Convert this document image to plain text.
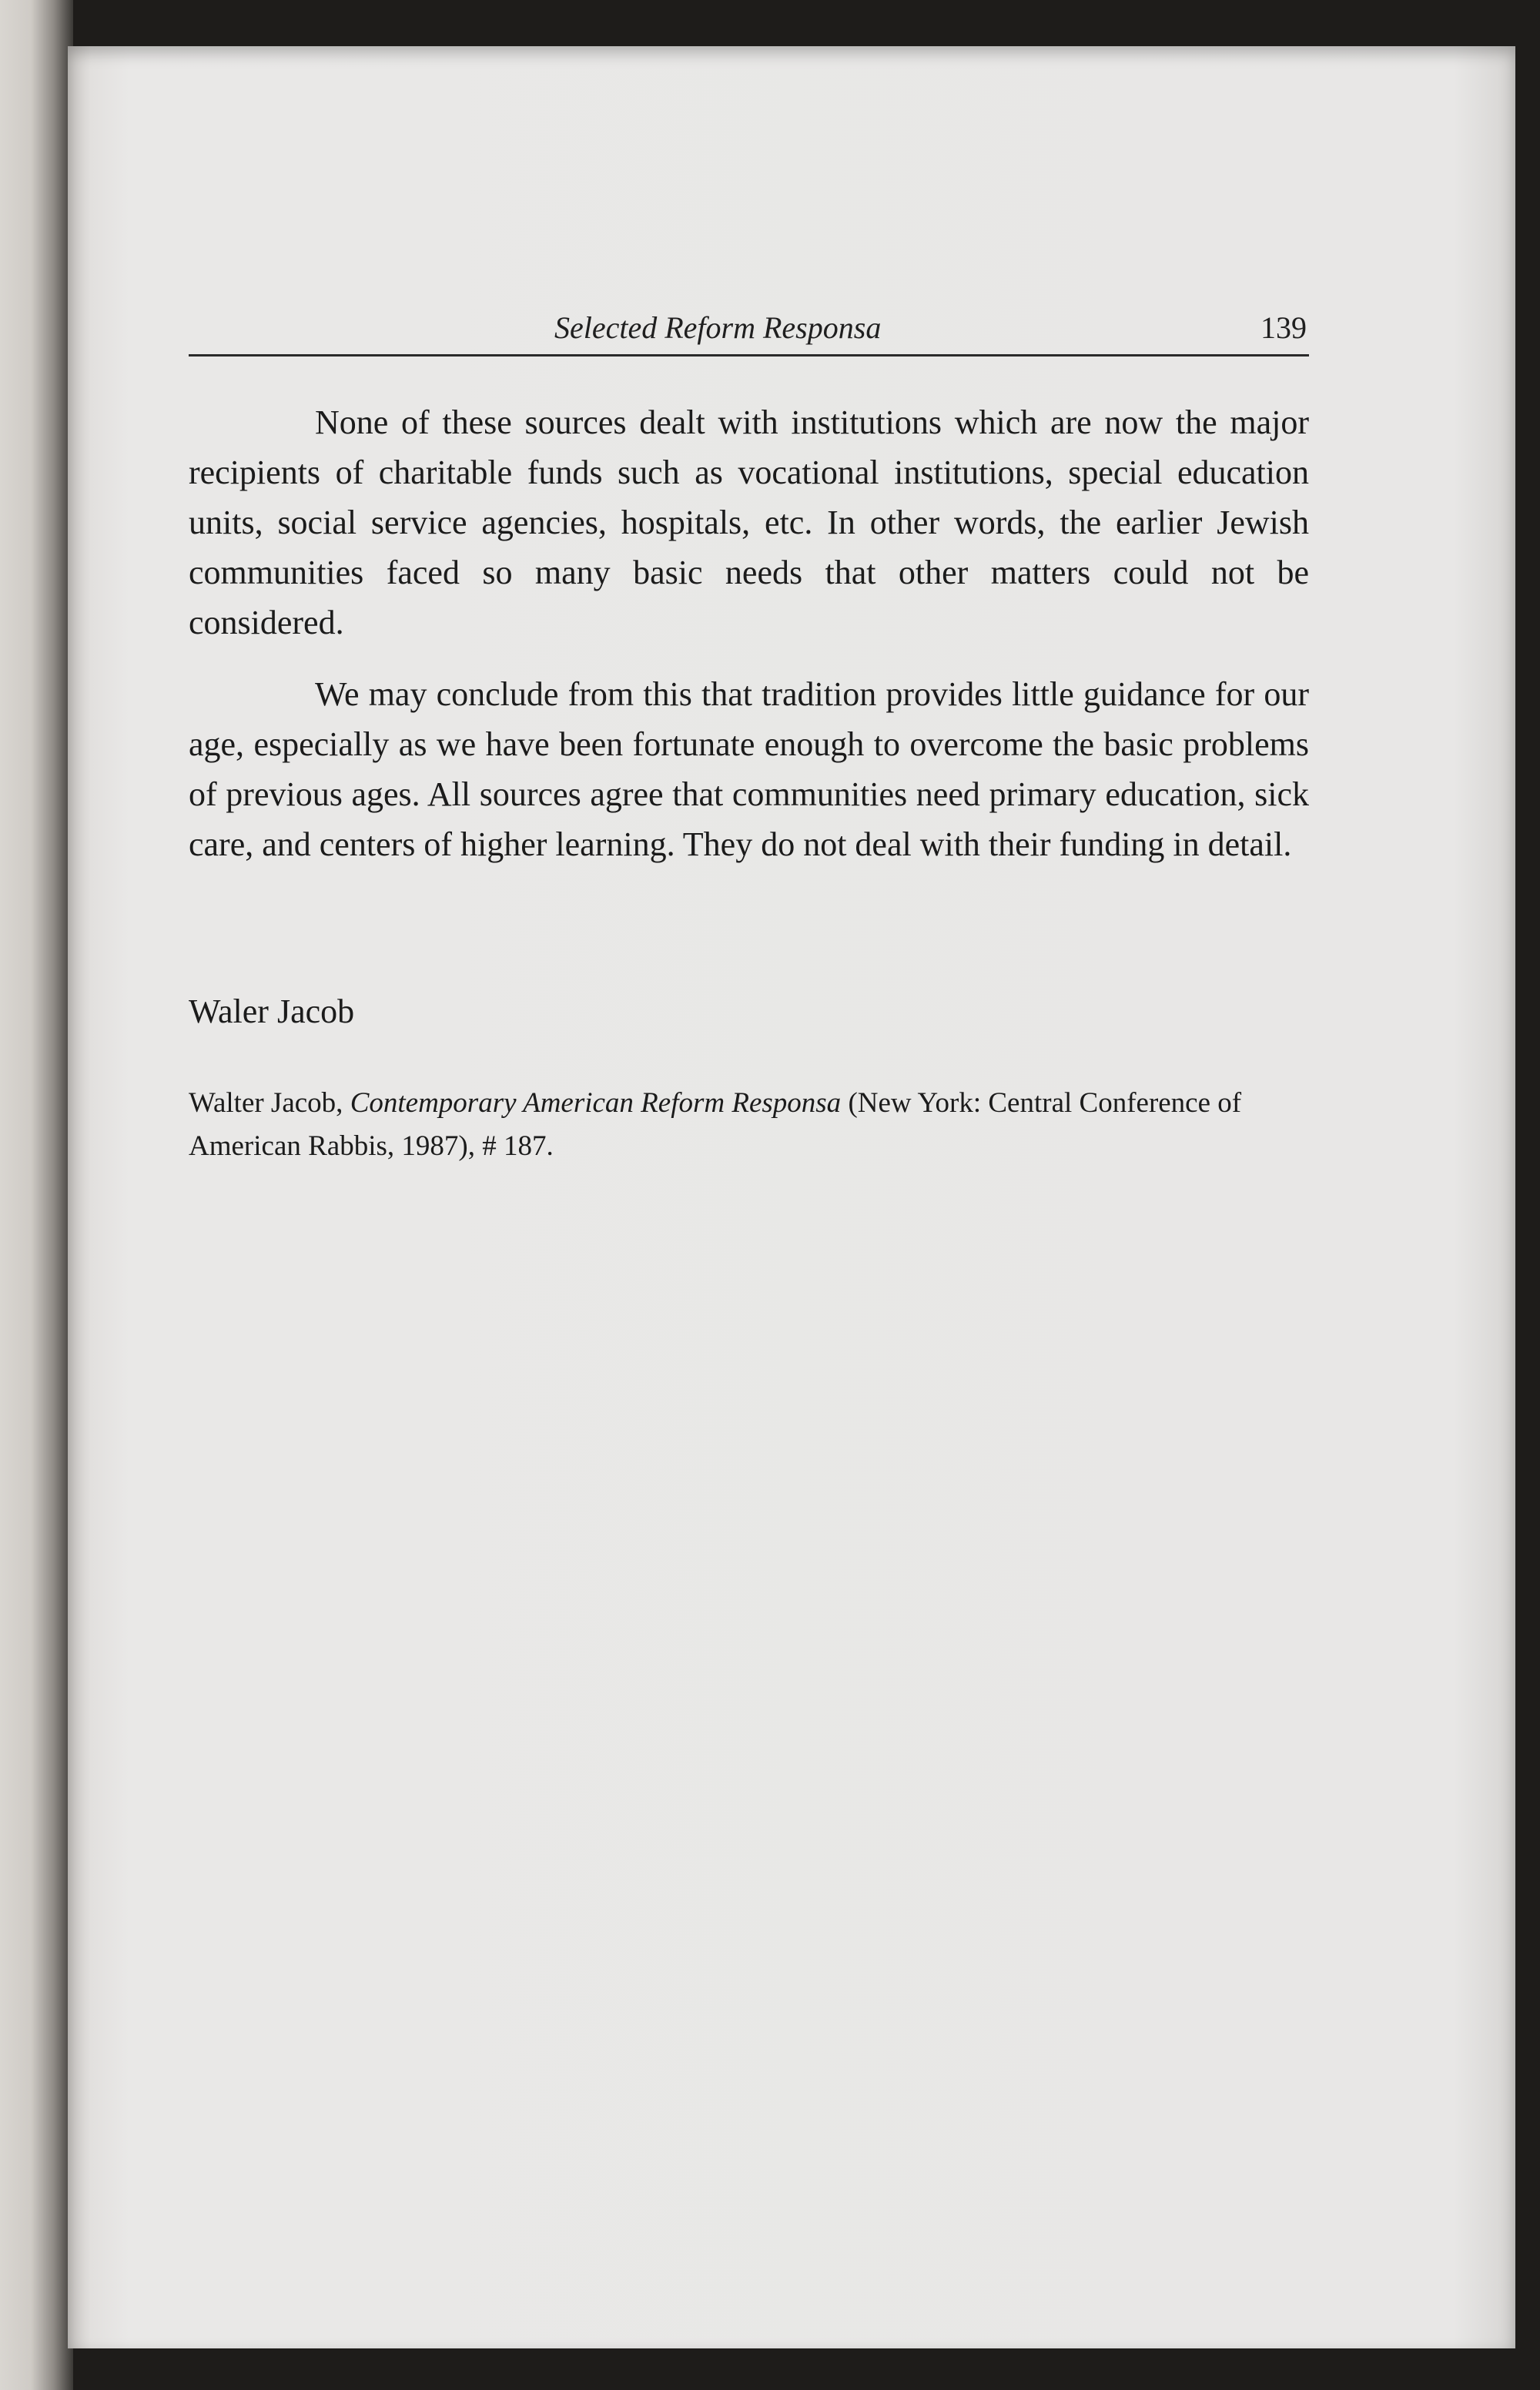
Selected Reform Responsa	139

None of these sources dealt with institutions which are now the major recipients of charitable funds such as vocational institutions, special education units, social service agencies, hospitals, etc. In other words, the earlier Jewish communities faced so many basic needs that other matters could not be considered.

We may conclude from this that tradition provides little guidance for our age, especially as we have been fortunate enough to overcome the basic problems of previous ages. All sources agree that communities need primary education, sick care, and centers of higher learning. They do not deal with their funding in detail.

Waler Jacob
Walter Jacob, Contemporary American Reform Responsa (New York: Central Conference of American Rabbis, 1987), # 187.
